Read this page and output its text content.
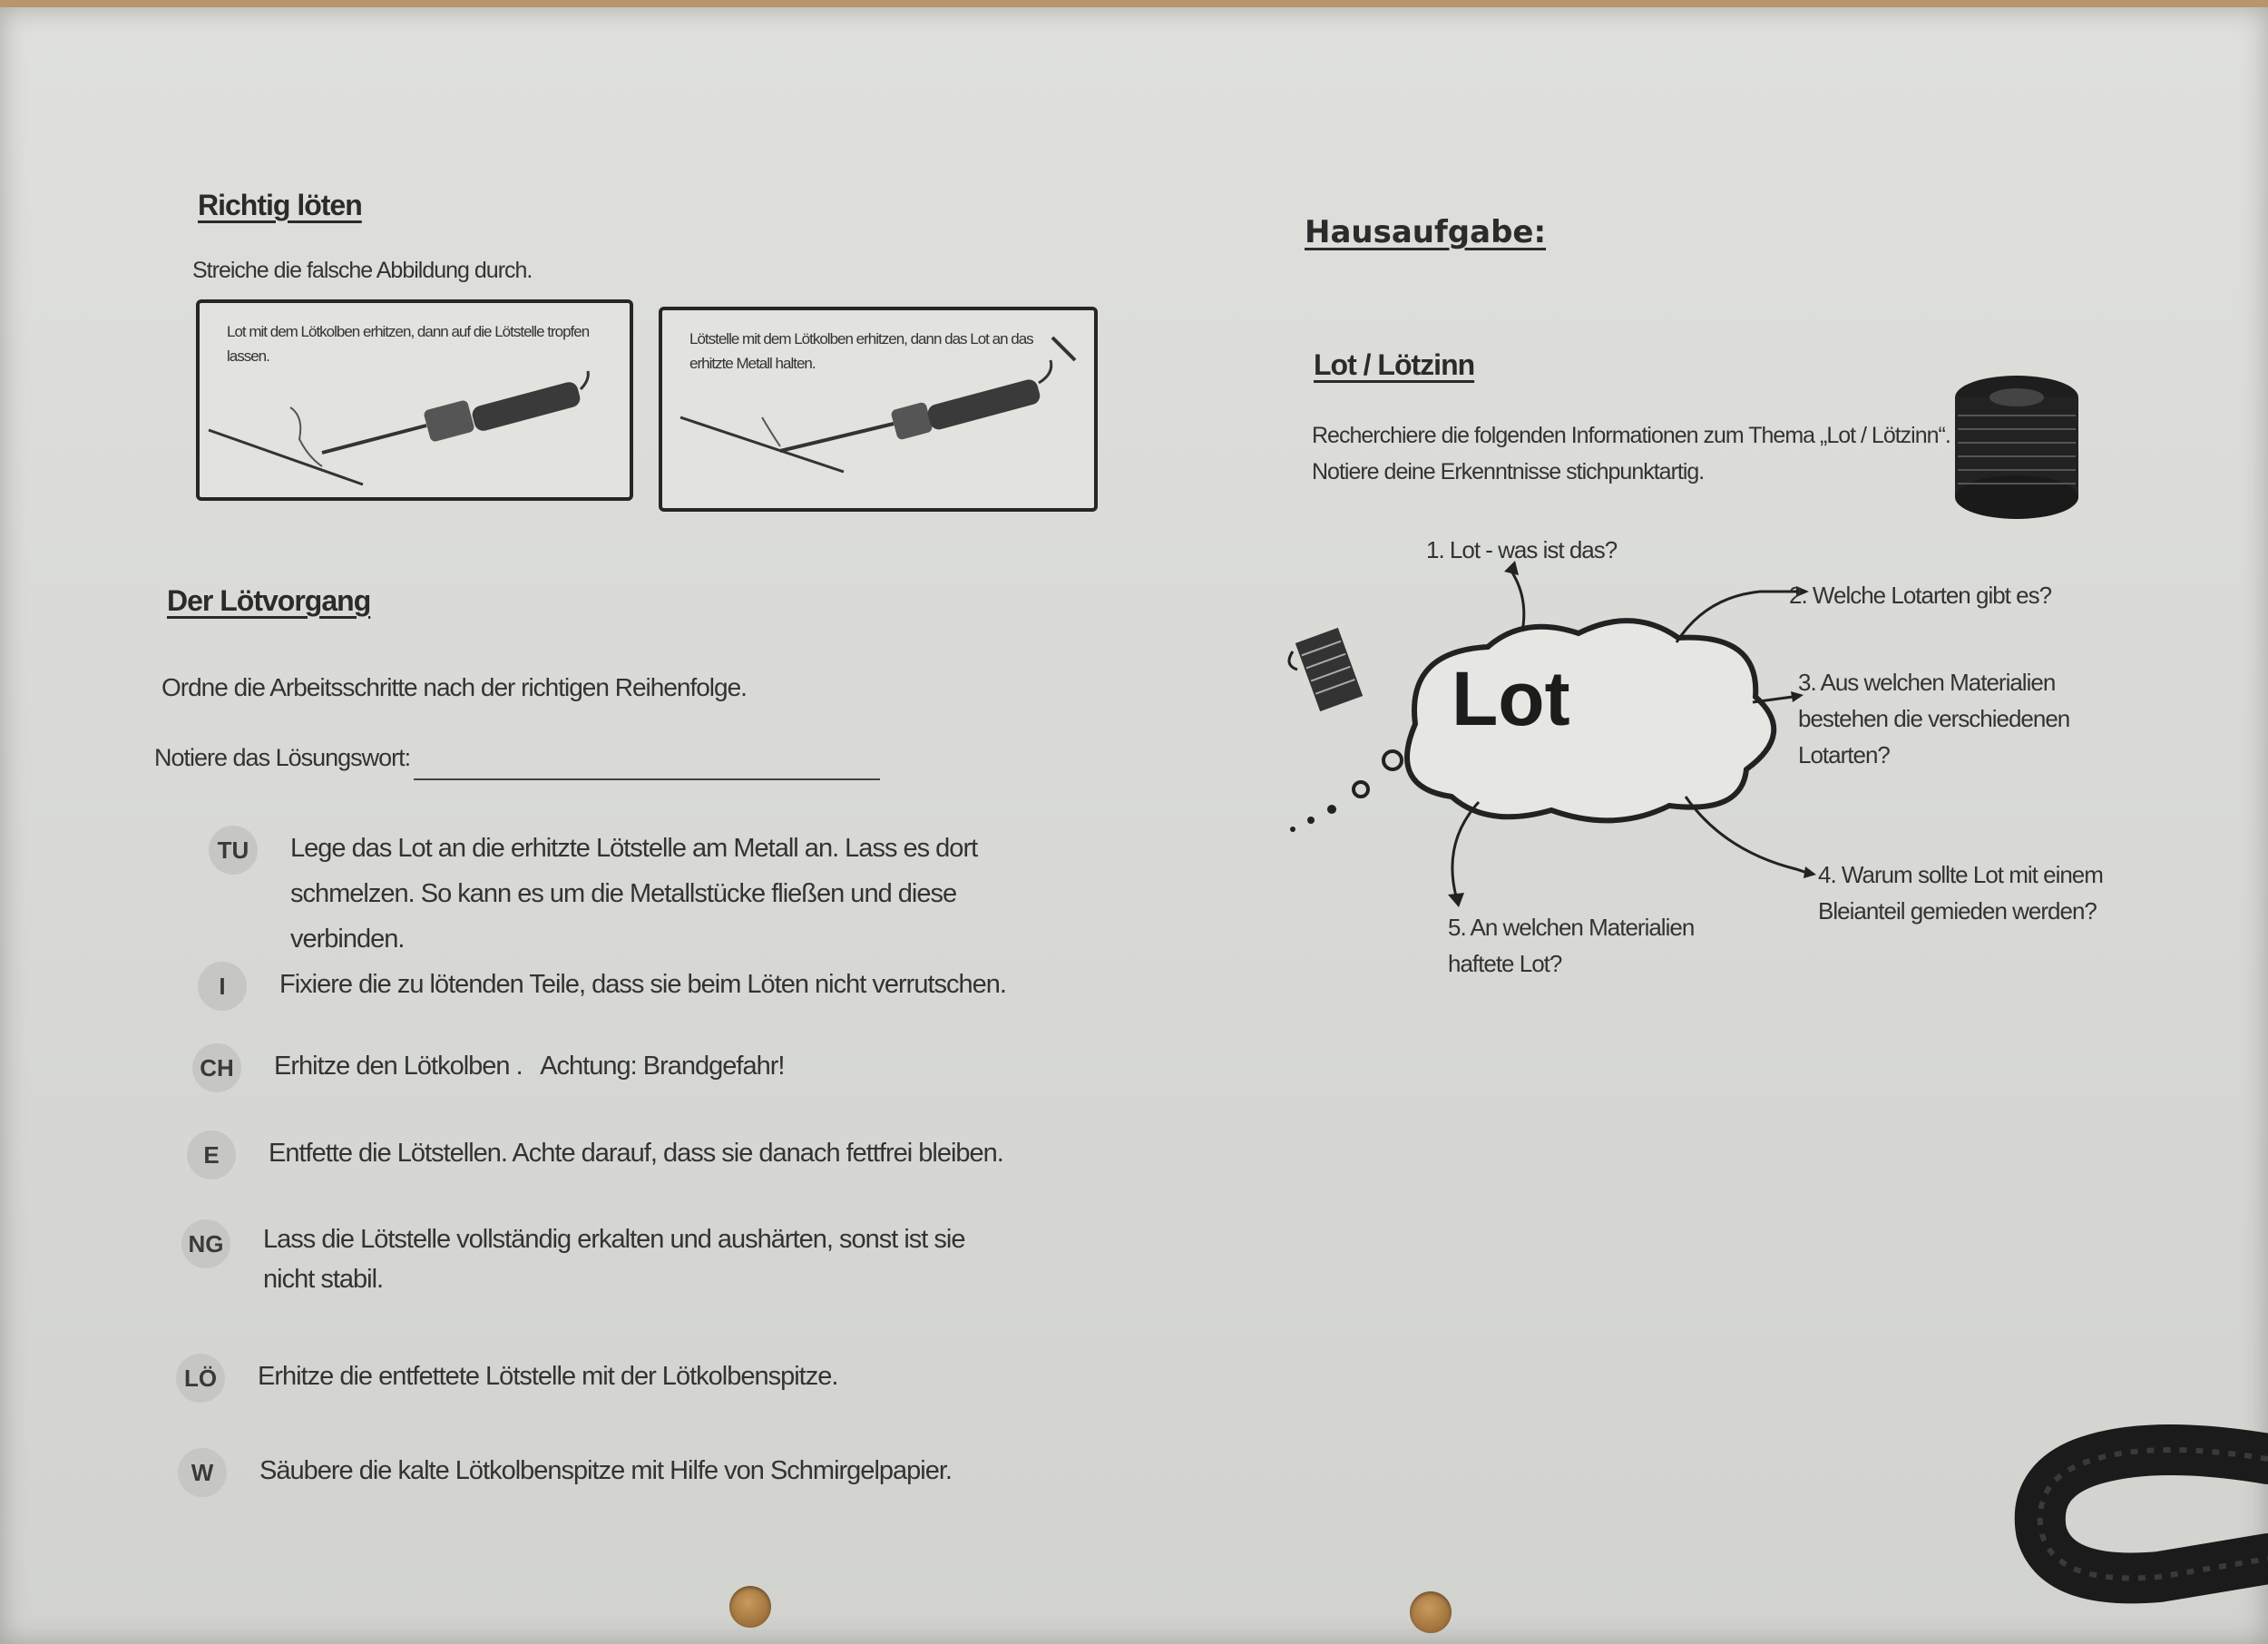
Richtig löten
Streiche die falsche Abbildung durch.
Lot mit dem Lötkolben erhitzen, dann auf die Lötstelle tropfen lassen.
Lötstelle mit dem Lötkolben erhitzen, dann das Lot an das erhitzte Metall halten.
Der Lötvorgang
Ordne die Arbeitsschritte nach der richtigen Reihenfolge.
Notiere das Lösungswort:
TU	Lege das Lot an die erhitzte Lötstelle am Metall an. Lass es dort schmelzen. So kann es um die Metallstücke fließen und diese verbinden.
I	Fixiere die zu lötenden Teile, dass sie beim Löten nicht verrutschen.
CH Erhitze den Lötkolben .   Achtung: Brandgefahr!
E	Entfette die Lötstellen. Achte darauf, dass sie danach fettfrei bleiben.
NG Lass die Lötstelle vollständig erkalten und aushärten, sonst ist sie nicht stabil.
LÖ	Erhitze die entfettete Lötstelle mit der Lötkolbenspitze.
W	Säubere die kalte Lötkolbenspitze mit Hilfe von Schmirgelpapier.
Hausaufgabe:
Lot / Lötzinn
Recherchiere die folgenden Informationen zum Thema „Lot / Lötzinn“.
Notiere deine Erkenntnisse stichpunktartig.
Lot
1. Lot - was ist das?
2. Welche Lotarten gibt es?
3. Aus welchen Materialien bestehen die verschiedenen Lotarten?
4. Warum sollte Lot mit einem Bleianteil gemieden werden?
5. An welchen Materialien haftete Lot?
